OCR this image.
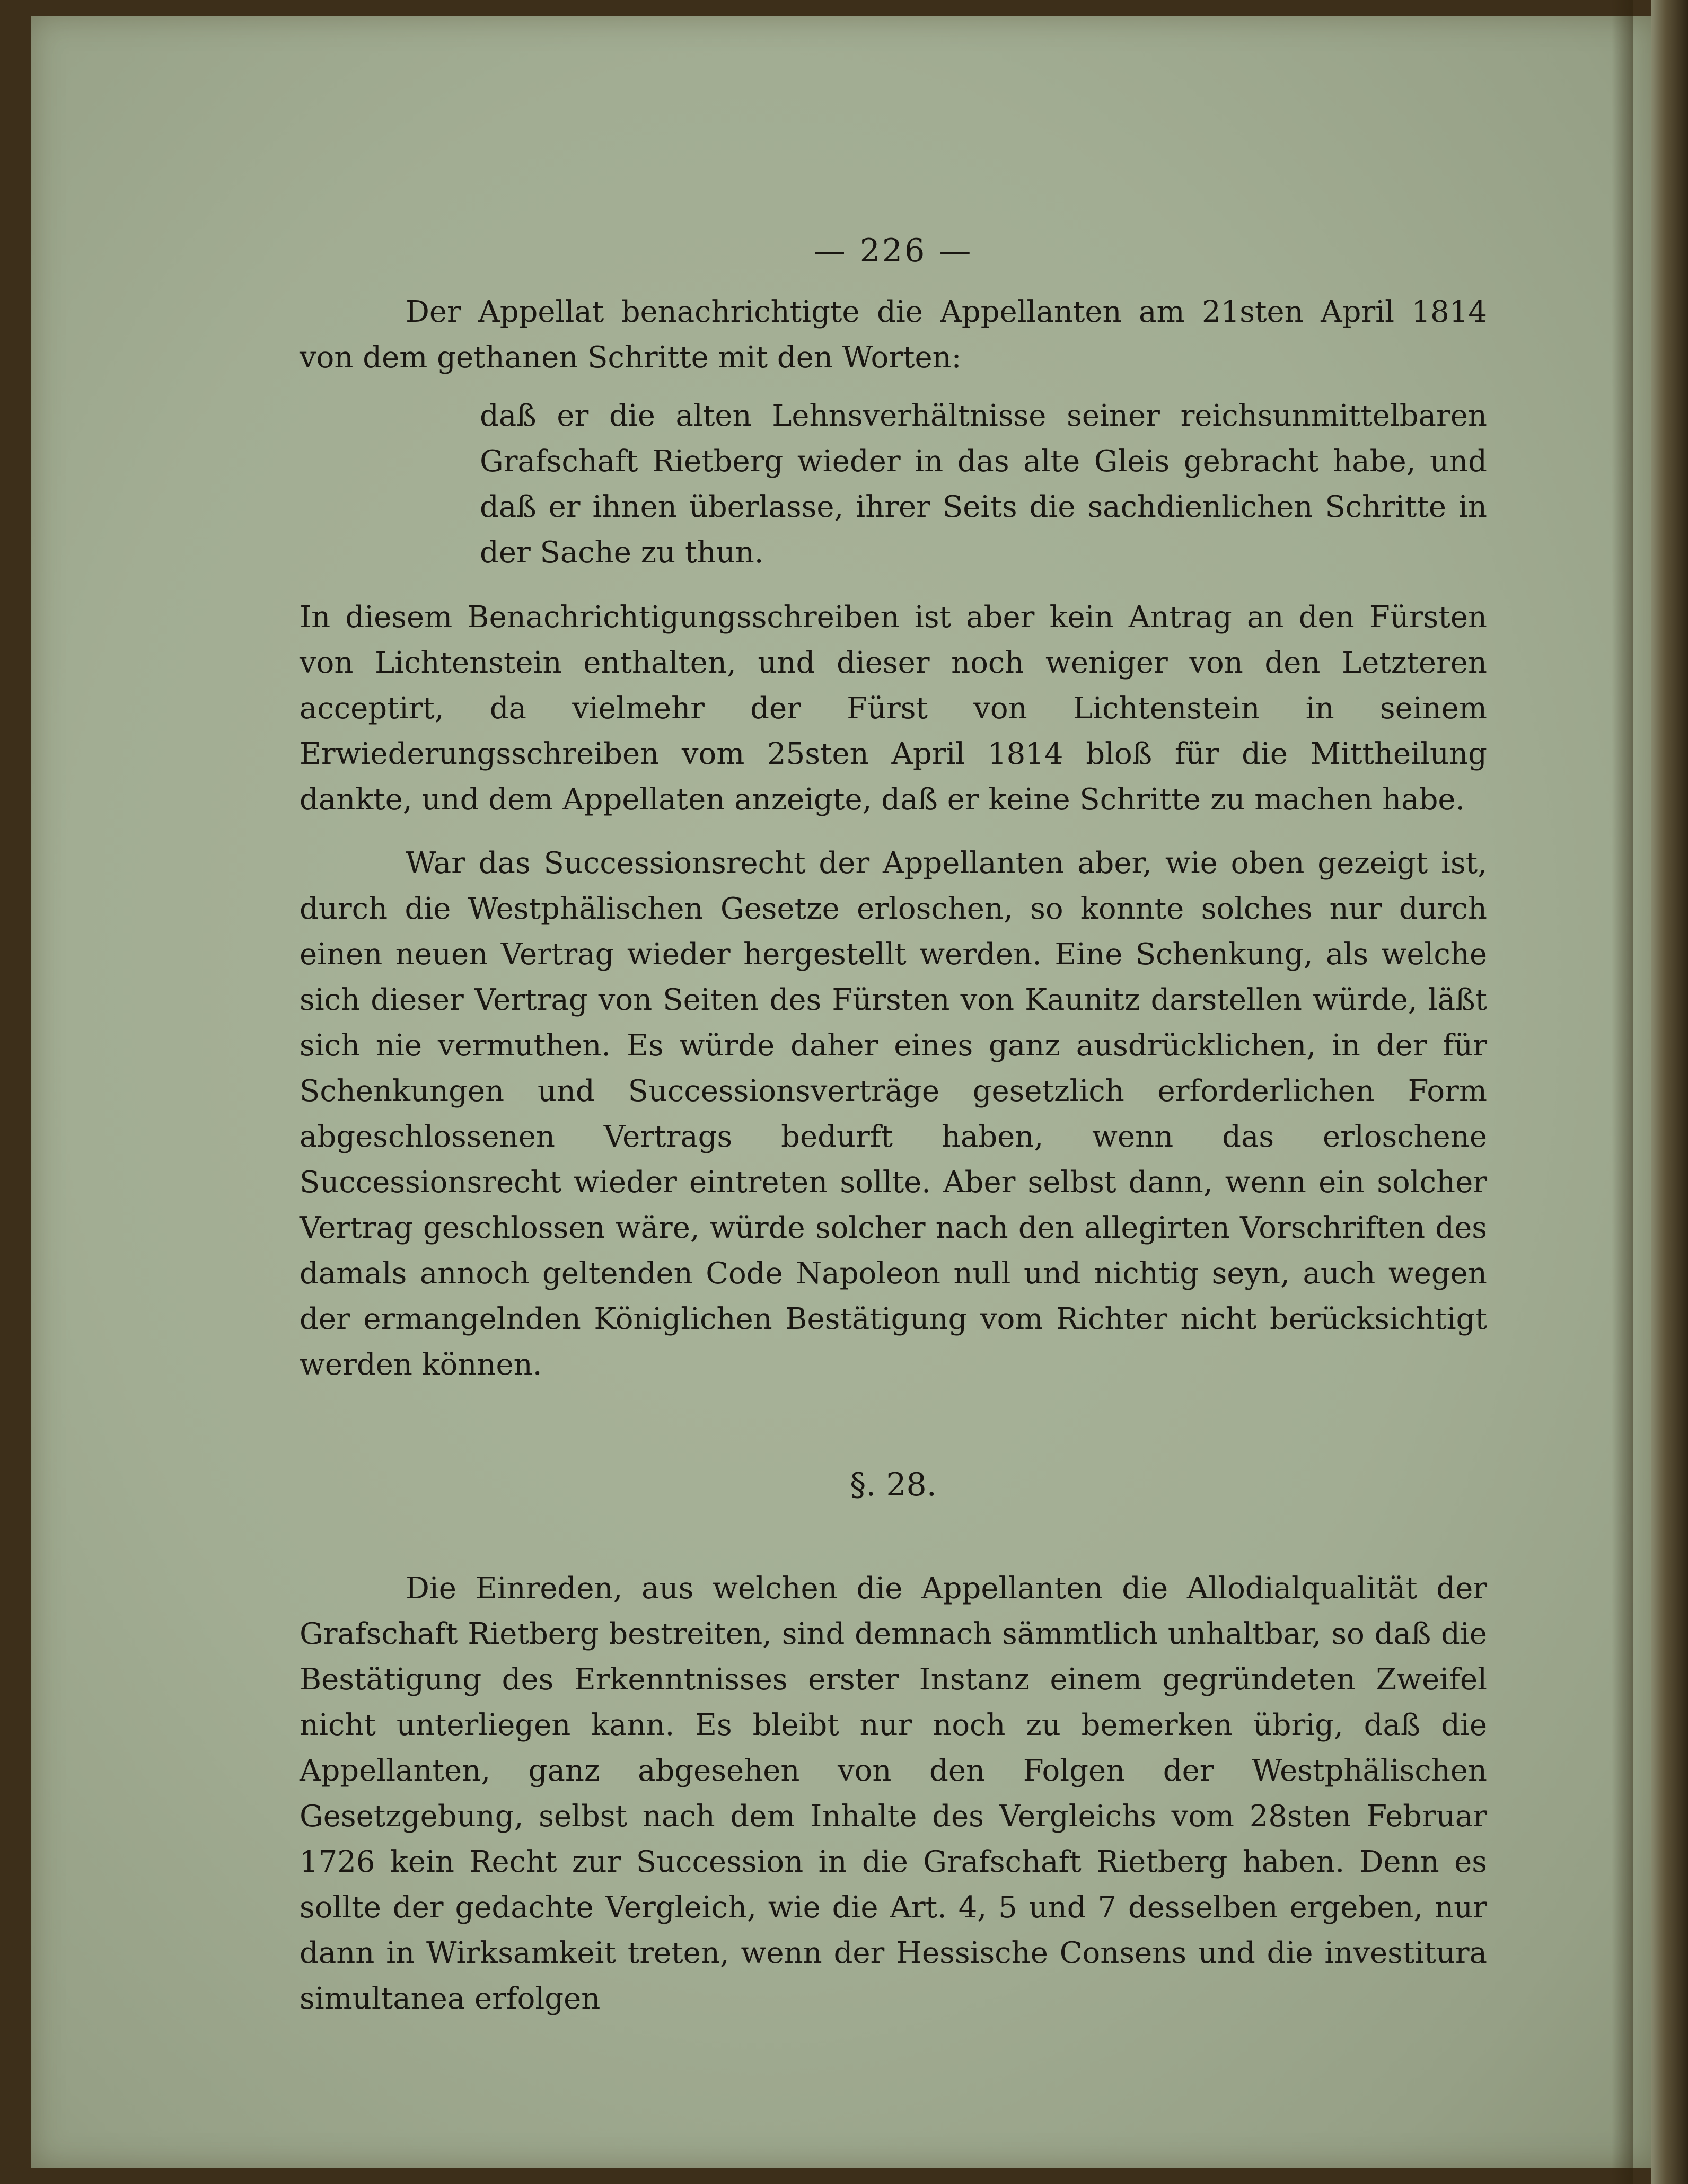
— 226 —

Der Appellat benachrichtigte die Appellanten am 21sten April 1814 von dem gethanen Schritte mit den Worten:

daß er die alten Lehnsverhältnisse seiner reichsunmittelbaren Grafschaft Rietberg wieder in das alte Gleis gebracht habe, und daß er ihnen überlasse, ihrer Seits die sachdienlichen Schritte in der Sache zu thun.

In diesem Benachrichtigungsschreiben ist aber kein Antrag an den Fürsten von Lichtenstein enthalten, und dieser noch weniger von den Letzteren acceptirt, da vielmehr der Fürst von Lichtenstein in seinem Erwiederungsschreiben vom 25sten April 1814 bloß für die Mittheilung dankte, und dem Appellaten anzeigte, daß er keine Schritte zu machen habe.

War das Successionsrecht der Appellanten aber, wie oben gezeigt ist, durch die Westphälischen Gesetze erloschen, so konnte solches nur durch einen neuen Vertrag wieder hergestellt werden. Eine Schenkung, als welche sich dieser Vertrag von Seiten des Fürsten von Kaunitz darstellen würde, läßt sich nie vermuthen. Es würde daher eines ganz ausdrücklichen, in der für Schenkungen und Successionsverträge gesetzlich erforderlichen Form abgeschlossenen Vertrags bedurft haben, wenn das erloschene Successionsrecht wieder eintreten sollte. Aber selbst dann, wenn ein solcher Vertrag geschlossen wäre, würde solcher nach den allegirten Vorschriften des damals annoch geltenden Code Napoleon null und nichtig seyn, auch wegen der ermangelnden Königlichen Bestätigung vom Richter nicht berücksichtigt werden können.

§. 28.

Die Einreden, aus welchen die Appellanten die Allodialqualität der Grafschaft Rietberg bestreiten, sind demnach sämmtlich unhaltbar, so daß die Bestätigung des Erkenntnisses erster Instanz einem gegründeten Zweifel nicht unterliegen kann. Es bleibt nur noch zu bemerken übrig, daß die Appellanten, ganz abgesehen von den Folgen der Westphälischen Gesetzgebung, selbst nach dem Inhalte des Vergleichs vom 28sten Februar 1726 kein Recht zur Succession in die Grafschaft Rietberg haben. Denn es sollte der gedachte Vergleich, wie die Art. 4, 5 und 7 desselben ergeben, nur dann in Wirksamkeit treten, wenn der Hessische Consens und die investitura simultanea erfolgen
